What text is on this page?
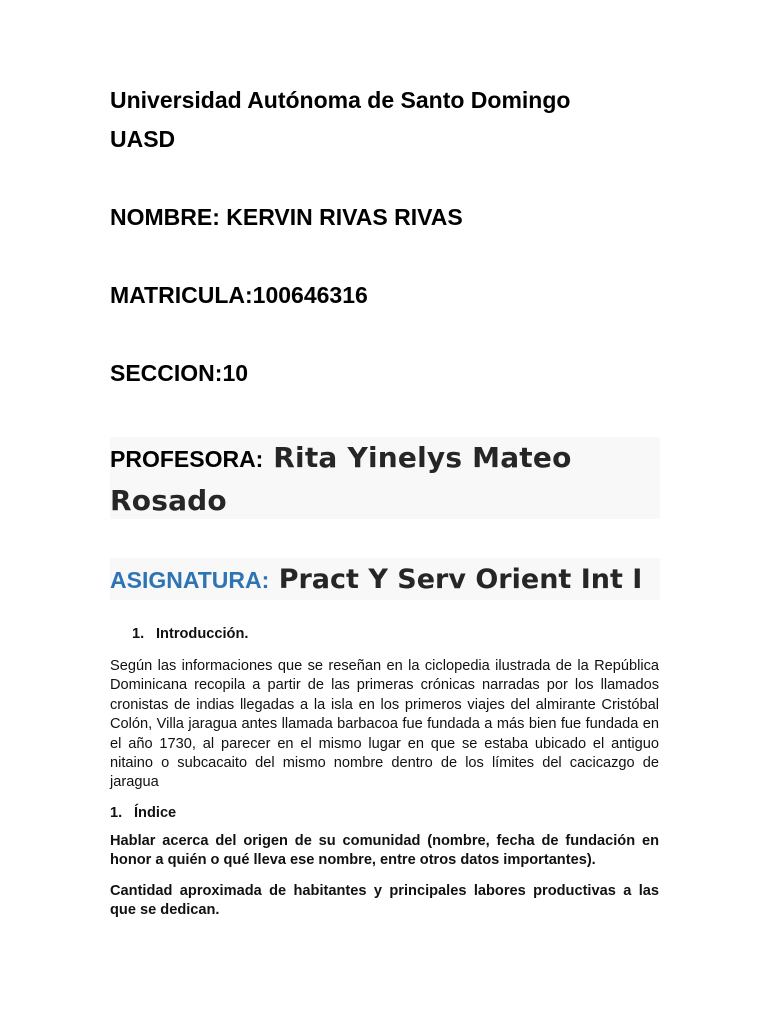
Universidad Autónoma de Santo Domingo
UASD
NOMBRE: KERVIN RIVAS RIVAS
MATRICULA:100646316
SECCION:10
PROFESORA: Rita Yinelys Mateo
Rosado
ASIGNATURA: Pract Y Serv Orient Int I
1. Introducción.
Según las informaciones que se reseñan en la ciclopedia ilustrada de la República Dominicana recopila a partir de las primeras crónicas narradas por los llamados cronistas de indias llegadas a la isla en los primeros viajes del almirante Cristóbal Colón, Villa jaragua antes llamada barbacoa fue fundada a más bien fue fundada en el año 1730, al parecer en el mismo lugar en que se estaba ubicado el antiguo nitaino o subcacaito del mismo nombre dentro de los límites del cacicazgo de jaragua
1. Índice
Hablar acerca del origen de su comunidad (nombre, fecha de fundación en honor a quién o qué lleva ese nombre, entre otros datos importantes).
Cantidad aproximada de habitantes y principales labores productivas a las que se dedican.
